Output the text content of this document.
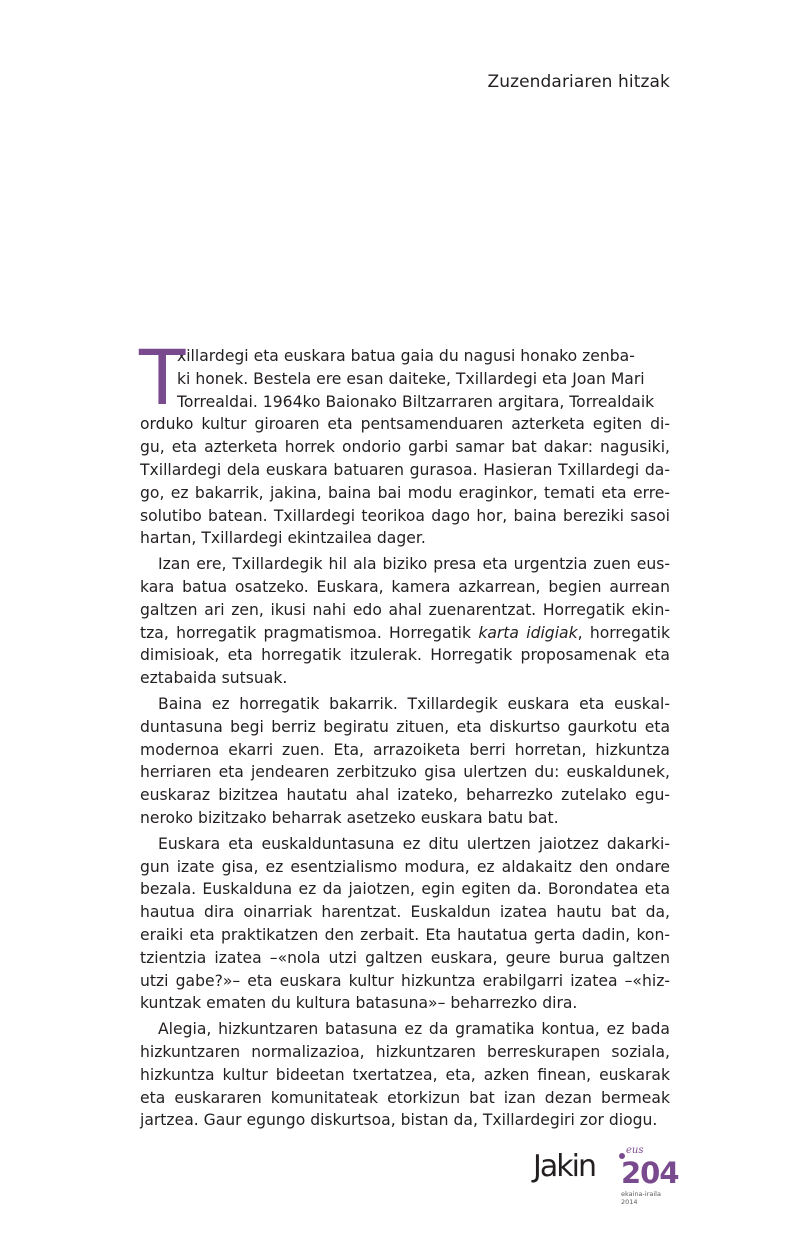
Zuzendariaren hitzak
T
xillardegi eta euskara batua gaia du nagusi honako zenba-
ki honek. Bestela ere esan daiteke, Txillardegi eta Joan Mari
Torrealdai. 1964ko Baionako Biltzarraren argitara, Torrealdaik
orduko kultur giroaren eta pentsamenduaren azterketa egiten di-gu, eta azterketa horrek ondorio garbi samar bat dakar: nagusiki, Txillardegi dela euskara batuaren gurasoa. Hasieran Txillardegi da-go, ez bakarrik, jakina, baina bai modu eraginkor, temati eta erre-solutibo batean. Txillardegi teorikoa dago hor, baina bereziki sasoi hartan, Txillardegi ekintzailea dager.

Izan ere, Txillardegik hil ala biziko presa eta urgentzia zuen eus-kara batua osatzeko. Euskara, kamera azkarrean, begien aurrean galtzen ari zen, ikusi nahi edo ahal zuenarentzat. Horregatik ekin-tza, horregatik pragmatismoa. Horregatik karta idigiak, horregatik dimisioak, eta horregatik itzulerak. Horregatik proposamenak eta eztabaida sutsuak.

Baina ez horregatik bakarrik. Txillardegik euskara eta euskal-duntasuna begi berriz begiratu zituen, eta diskurtso gaurkotu eta modernoa ekarri zuen. Eta, arrazoiketa berri horretan, hizkuntza herriaren eta jendearen zerbitzuko gisa ulertzen du: euskaldunek, euskaraz bizitzea hautatu ahal izateko, beharrezko zutelako egu-neroko bizitzako beharrak asetzeko euskara batu bat.

Euskara eta euskalduntasuna ez ditu ulertzen jaiotzez dakarki-gun izate gisa, ez esentzialismo modura, ez aldakaitz den ondare bezala. Euskalduna ez da jaiotzen, egin egiten da. Borondatea eta hautua dira oinarriak harentzat. Euskaldun izatea hautu bat da, eraiki eta praktikatzen den zerbait. Eta hautatua gerta dadin, kon-tzientzia izatea –«nola utzi galtzen euskara, geure burua galtzen utzi gabe?»– eta euskara kultur hizkuntza erabilgarri izatea –«hiz-kuntzak ematen du kultura batasuna»– beharrezko dira.

Alegia, hizkuntzaren batasuna ez da gramatika kontua, ez bada hizkuntzaren normalizazioa, hizkuntzaren berreskurapen soziala, hizkuntza kultur bideetan txertatzea, eta, azken finean, euskarak eta euskararen komunitateak etorkizun bat izan dezan bermeak jartzea. Gaur egungo diskurtsoa, bistan da, Txillardegiri zor diogu.

Jakin	eus
204
ekaina-iraila
2014
